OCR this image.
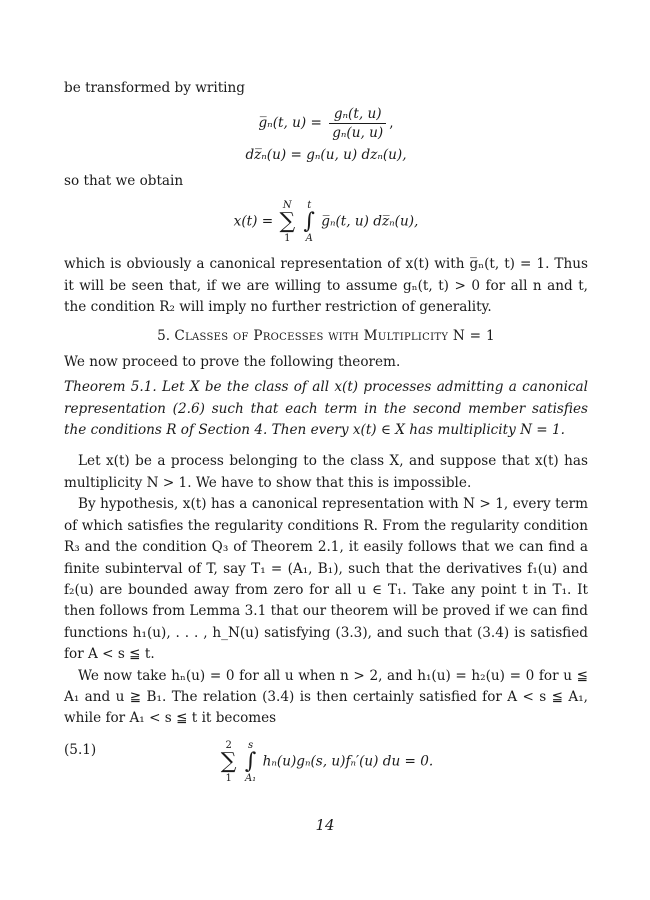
be transformed by writing
g̅ₙ(t, $u) = \frac{\text{gₙ(t, u)}}{\text{gₙ(u, u)}}$ ,
dz̅ₙ(u) = gₙ(u, u) dzₙ(u),
so that we obtain
x(t) =
N
∑
1

t
∫
A
g̅ₙ(t, u) dz̅ₙ(u),
which is obviously a canonical representation of x(t) with g̅ₙ(t, t) = 1. Thus it will be seen that, if we are willing to assume gₙ(t, t) > 0 for all n and t, the condition R₂ will imply no further restriction of generality.
5. Classes of Processes with Multiplicity N = 1
We now proceed to prove the following theorem.
Theorem 5.1. Let X be the class of all x(t) processes admitting a canonical representation (2.6) such that each term in the second member satisfies the conditions R of Section 4. Then every x(t) ∈ X has multiplicity N = 1.
Let x(t) be a process belonging to the class X, and suppose that x(t) has multiplicity N > 1. We have to show that this is impossible.
By hypothesis, x(t) has a canonical representation with N > 1, every term of which satisfies the regularity conditions R. From the regularity condition R₃ and the condition Q₃ of Theorem 2.1, it easily follows that we can find a finite subinterval of T, say T₁ = (A₁, B₁), such that the derivatives f₁(u) and f₂(u) are bounded away from zero for all u ∈ T₁. Take any point t in T₁. It then follows from Lemma 3.1 that our theorem will be proved if we can find functions h₁(u), . . . , h_N(u) satisfying (3.3), and such that (3.4) is satisfied for A < s ≦ t.
We now take hₙ(u) = 0 for all u when n > 2, and h₁(u) = h₂(u) = 0 for u ≦ A₁ and u ≧ B₁. The relation (3.4) is then certainly satisfied for A < s ≦ A₁, while for A₁ < s ≦ t it becomes
(5.1)	2
∑
1

s
∫
A₁
hₙ(u)gₙ(s, u)fₙ′(u) du = 0.
14
